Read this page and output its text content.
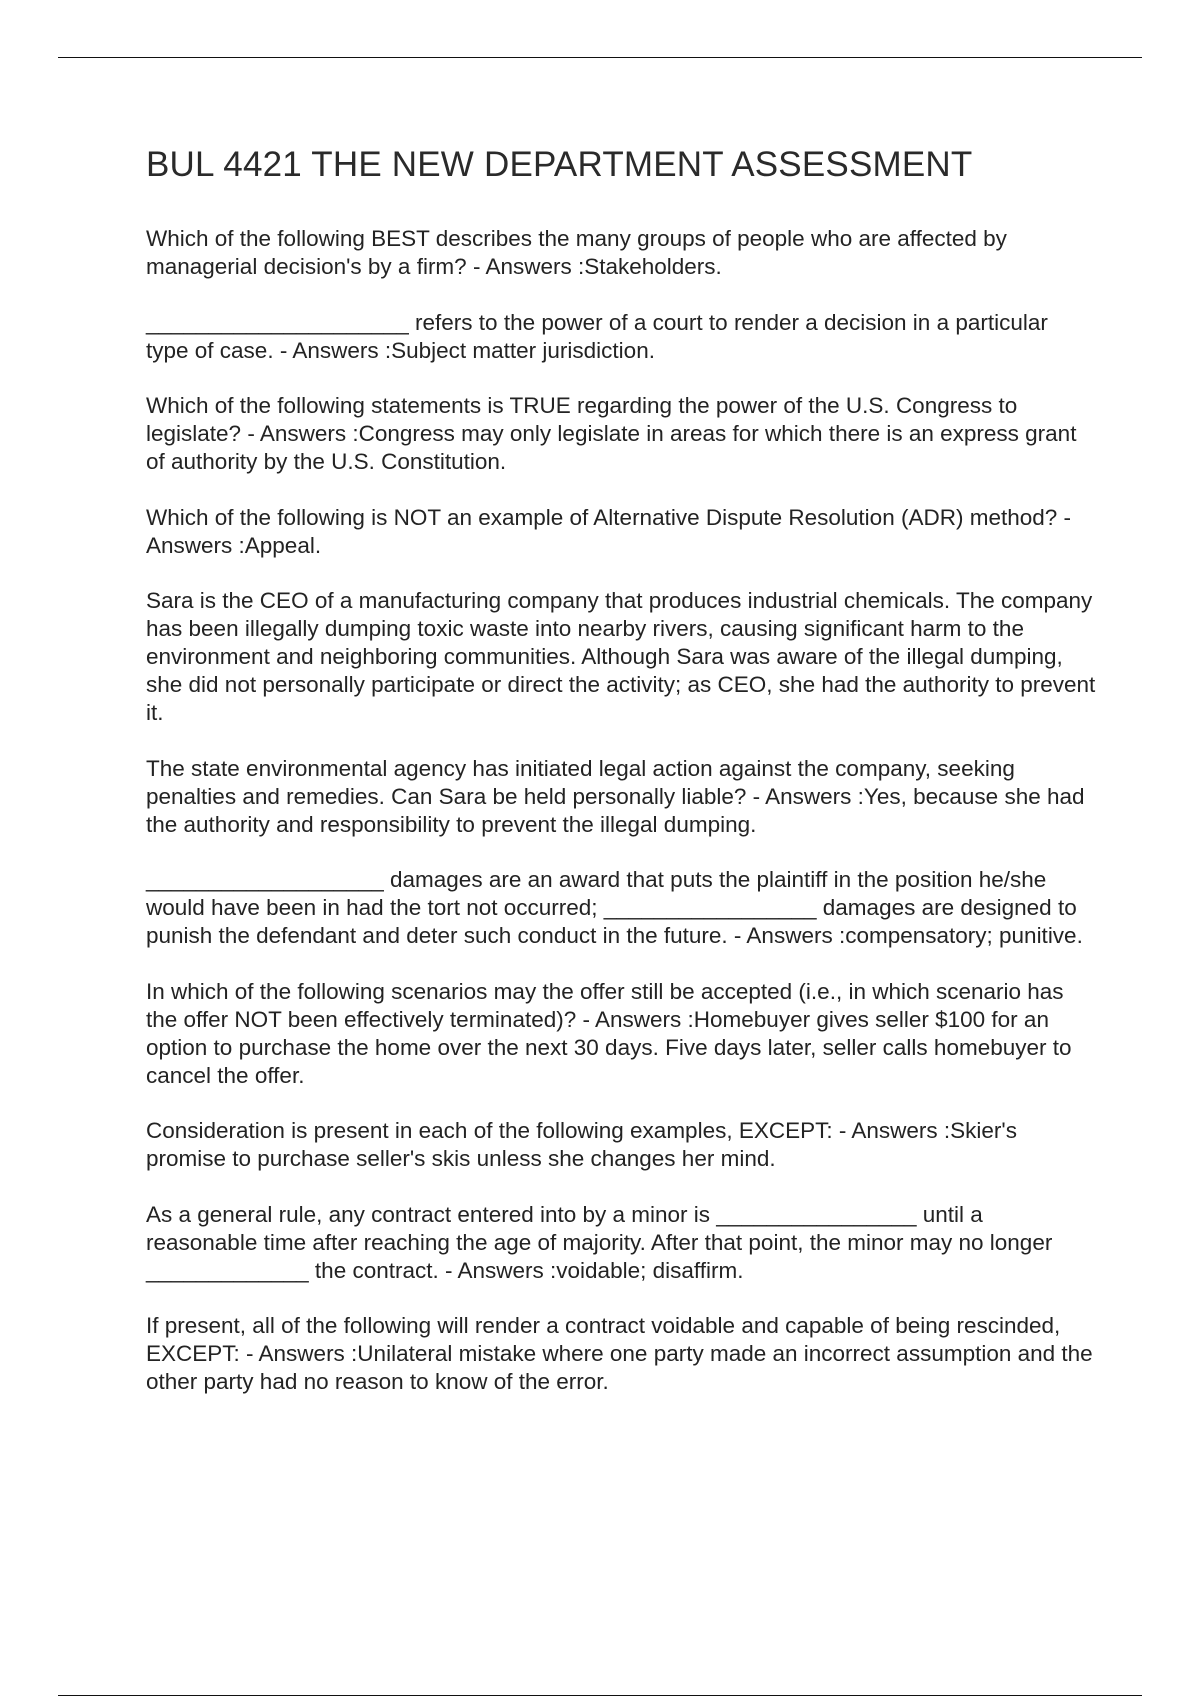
BUL 4421 THE NEW DEPARTMENT ASSESSMENT

Which of the following BEST describes the many groups of people who are affected by managerial decision's by a firm? - Answers :Stakeholders.

_____________________ refers to the power of a court to render a decision in a particular type of case. - Answers :Subject matter jurisdiction.

Which of the following statements is TRUE regarding the power of the U.S. Congress to legislate? - Answers :Congress may only legislate in areas for which there is an express grant of authority by the U.S. Constitution.

Which of the following is NOT an example of Alternative Dispute Resolution (ADR) method? - Answers :Appeal.

Sara is the CEO of a manufacturing company that produces industrial chemicals. The company has been illegally dumping toxic waste into nearby rivers, causing significant harm to the environment and neighboring communities. Although Sara was aware of the illegal dumping, she did not personally participate or direct the activity; as CEO, she had the authority to prevent it.

The state environmental agency has initiated legal action against the company, seeking penalties and remedies. Can Sara be held personally liable? - Answers :Yes, because she had the authority and responsibility to prevent the illegal dumping.

___________________ damages are an award that puts the plaintiff in the position he/she would have been in had the tort not occurred; _________________ damages are designed to punish the defendant and deter such conduct in the future. - Answers :compensatory; punitive.

In which of the following scenarios may the offer still be accepted (i.e., in which scenario has the offer NOT been effectively terminated)? - Answers :Homebuyer gives seller $100 for an option to purchase the home over the next 30 days. Five days later, seller calls homebuyer to cancel the offer.

Consideration is present in each of the following examples, EXCEPT: - Answers :Skier's promise to purchase seller's skis unless she changes her mind.

As a general rule, any contract entered into by a minor is ________________ until a reasonable time after reaching the age of majority. After that point, the minor may no longer _____________ the contract. - Answers :voidable; disaffirm.

If present, all of the following will render a contract voidable and capable of being rescinded, EXCEPT: - Answers :Unilateral mistake where one party made an incorrect assumption and the other party had no reason to know of the error.
